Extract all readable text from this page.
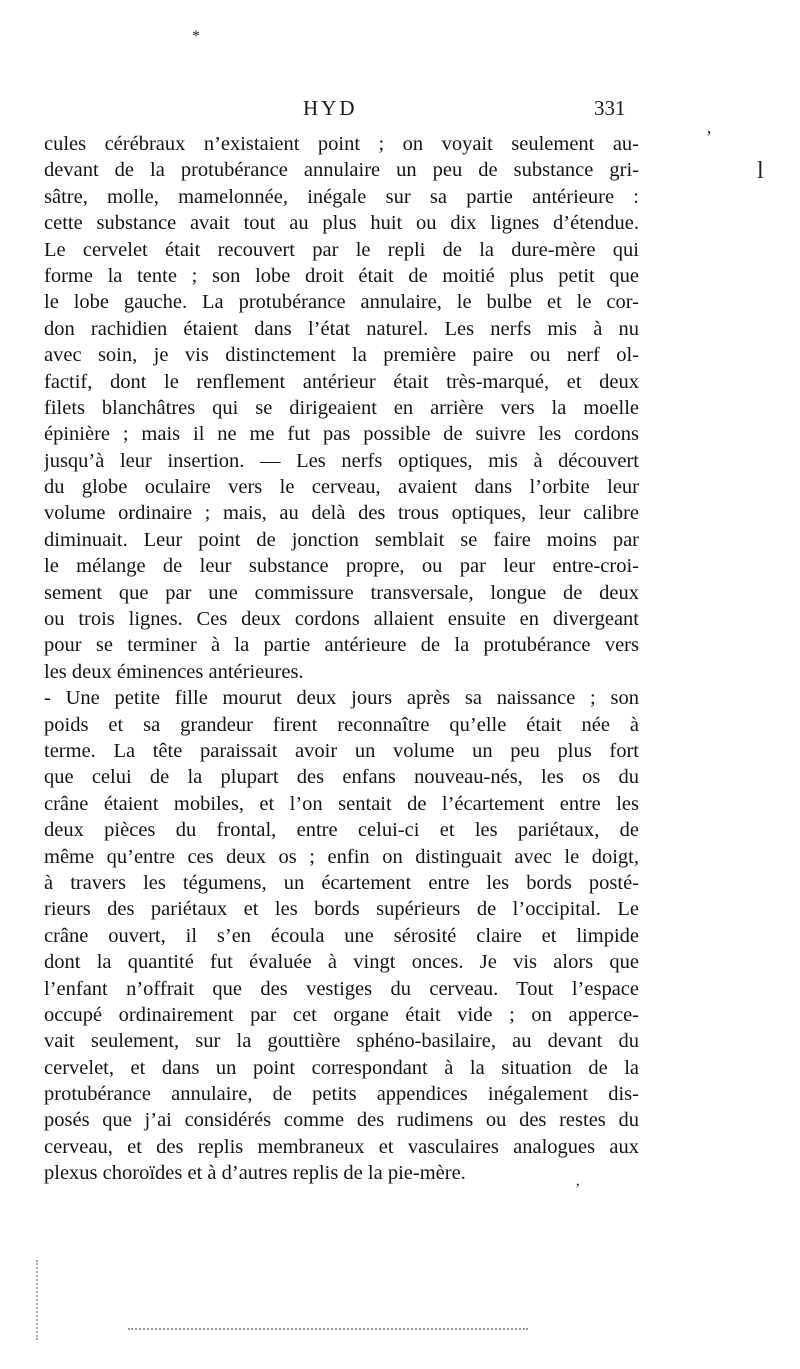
*
’
l
HYD	331
cules cérébraux n’existaient point ; on voyait seulement au-
devant de la protubérance annulaire un peu de substance gri-
sâtre, molle, mamelonnée, inégale sur sa partie antérieure :
cette substance avait tout au plus huit ou dix lignes d’étendue.
Le cervelet était recouvert par le repli de la dure-mère qui
forme la tente ; son lobe droit était de moitié plus petit que
le lobe gauche. La protubérance annulaire, le bulbe et le cor-
don rachidien étaient dans l’état naturel. Les nerfs mis à nu
avec soin, je vis distinctement la première paire ou nerf ol-
factif, dont le renflement antérieur était très-marqué, et deux
filets blanchâtres qui se dirigeaient en arrière vers la moelle
épinière ; mais il ne me fut pas possible de suivre les cordons
jusqu’à leur insertion. — Les nerfs optiques, mis à découvert
du globe oculaire vers le cerveau, avaient dans l’orbite leur
volume ordinaire ; mais, au delà des trous optiques, leur calibre
diminuait. Leur point de jonction semblait se faire moins par
le mélange de leur substance propre, ou par leur entre-croi-
sement que par une commissure transversale, longue de deux
ou trois lignes. Ces deux cordons allaient ensuite en divergeant
pour se terminer à la partie antérieure de la protubérance vers
les deux éminences antérieures.
- Une petite fille mourut deux jours après sa naissance ; son
poids et sa grandeur firent reconnaître qu’elle était née à
terme. La tête paraissait avoir un volume un peu plus fort
que celui de la plupart des enfans nouveau-nés, les os du
crâne étaient mobiles, et l’on sentait de l’écartement entre les
deux pièces du frontal, entre celui-ci et les pariétaux, de
même qu’entre ces deux os ; enfin on distinguait avec le doigt,
à travers les tégumens, un écartement entre les bords posté-
rieurs des pariétaux et les bords supérieurs de l’occipital. Le
crâne ouvert, il s’en écoula une sérosité claire et limpide
dont la quantité fut évaluée à vingt onces. Je vis alors que
l’enfant n’offrait que des vestiges du cerveau. Tout l’espace
occupé ordinairement par cet organe était vide ; on apperce-
vait seulement, sur la gouttière sphéno-basilaire, au devant du
cervelet, et dans un point correspondant à la situation de la
protubérance annulaire, de petits appendices inégalement dis-
posés que j’ai considérés comme des rudimens ou des restes du
cerveau, et des replis membraneux et vasculaires analogues aux
plexus choroïdes et à d’autres replis de la pie-mère.
’
